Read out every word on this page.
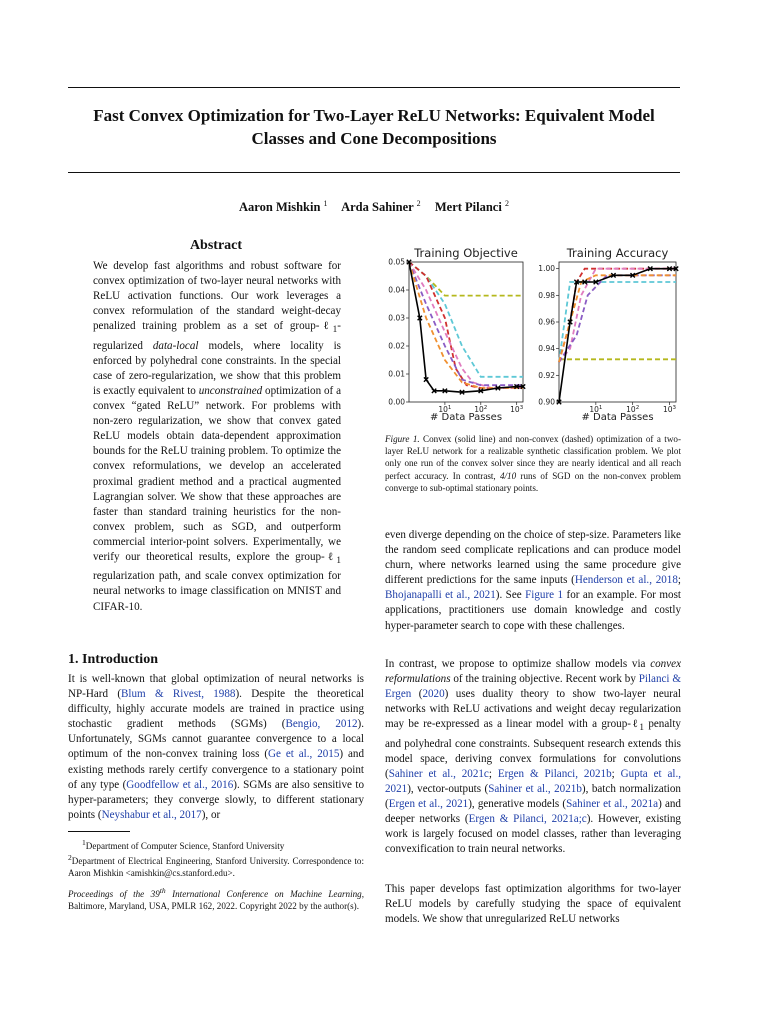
Fast Convex Optimization for Two-Layer ReLU Networks: Equivalent Model
Classes and Cone Decompositions
Aaron Mishkin $^1$ Arda Sahiner $^2$ Mert Pilanci $^2$
Abstract
We develop fast algorithms and robust software for convex optimization of two-layer neural networks with ReLU activation functions. Our work leverages a convex reformulation of the standard weight-decay penalized training problem as a set of group-ℓ$_1$-regularized data-local models, where locality is enforced by polyhedral cone constraints. In the special case of zero-regularization, we show that this problem is exactly equivalent to unconstrained optimization of a convex “gated ReLU” network. For problems with non-zero regularization, we show that convex gated ReLU models obtain data-dependent approximation bounds for the ReLU training problem. To optimize the convex reformulations, we develop an accelerated proximal gradient method and a practical augmented Lagrangian solver. We show that these approaches are faster than standard training heuristics for the non-convex problem, such as SGD, and outperform commercial interior-point solvers. Experimentally, we verify our theoretical results, explore the group-ℓ$_1$ regularization path, and scale convex optimization for neural networks to image classification on MNIST and CIFAR-10.
1. Introduction
It is well-known that global optimization of neural networks is NP-Hard (Blum & Rivest, 1988). Despite the theoretical difficulty, highly accurate models are trained in practice using stochastic gradient methods (SGMs) (Bengio, 2012). Unfortunately, SGMs cannot guarantee convergence to a local optimum of the non-convex training loss (Ge et al., 2015) and existing methods rarely certify convergence to a stationary point of any type (Goodfellow et al., 2016). SGMs are also sensitive to hyper-parameters; they converge slowly, to different stationary points (Neyshabur et al., 2017), or
$^1$Department of Computer Science, Stanford University
$^2$Department of Electrical Engineering, Stanford University. Correspondence to: Aaron Mishkin <amishkin@cs.stanford.edu>.
Proceedings of the 39th International Conference on Machine Learning, Baltimore, Maryland, USA, PMLR 162, 2022. Copyright 2022 by the author(s).
Training Objective
# Data Passes
$10^1$	$10^2$	$10^3$
0.00
0.01
0.02
0.03
0.04
0.05
Training Accuracy
# Data Passes
$10^1$	$10^2$	$10^3$
0.90
0.92
0.94
0.96
0.98
1.00
Figure 1. Convex (solid line) and non-convex (dashed) optimization of a two-layer ReLU network for a realizable synthetic classification problem. We plot only one run of the convex solver since they are nearly identical and all reach perfect accuracy. In contrast, 4/10 runs of SGD on the non-convex problem converge to sub-optimal stationary points.
even diverge depending on the choice of step-size. Parameters like the random seed complicate replications and can produce model churn, where networks learned using the same procedure give different predictions for the same inputs (Henderson et al., 2018; Bhojanapalli et al., 2021). See Figure 1 for an example. For most applications, practitioners use domain knowledge and costly hyper-parameter search to cope with these challenges.
In contrast, we propose to optimize shallow models via convex reformulations of the training objective. Recent work by Pilanci & Ergen (2020) uses duality theory to show two-layer neural networks with ReLU activations and weight decay regularization may be re-expressed as a linear model with a group-ℓ$_1$ penalty and polyhedral cone constraints. Subsequent research extends this model space, deriving convex formulations for convolutions (Sahiner et al., 2021c; Ergen & Pilanci, 2021b; Gupta et al., 2021), vector-outputs (Sahiner et al., 2021b), batch normalization (Ergen et al., 2021), generative models (Sahiner et al., 2021a) and deeper networks (Ergen & Pilanci, 2021a;c). However, existing work is largely focused on model classes, rather than leveraging convexification to train neural networks.
This paper develops fast optimization algorithms for two-layer ReLU models by carefully studying the space of equivalent models. We show that unregularized ReLU networks
